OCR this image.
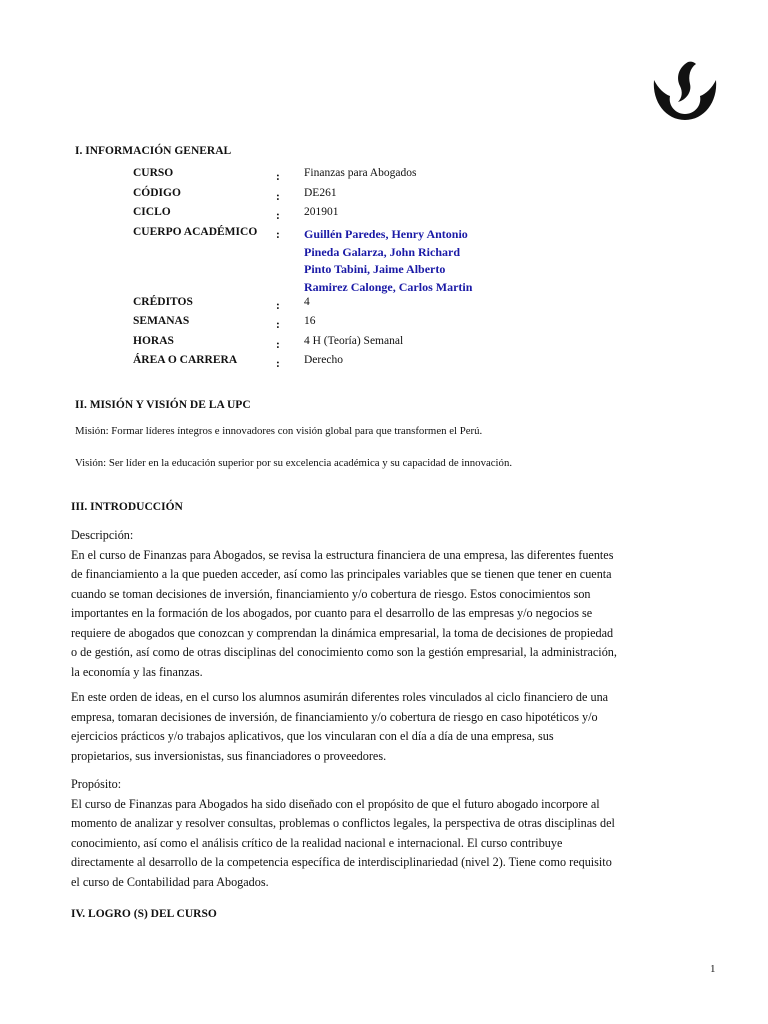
I. INFORMACIÓN GENERAL
CURSO	: Finanzas para Abogados
CÓDIGO	: DE261
CICLO	: 201901
CUERPO ACADÉMICO : Guillén Paredes, Henry Antonio
Pineda Galarza, John Richard
Pinto Tabini, Jaime Alberto
Ramirez Calonge, Carlos Martin
CRÉDITOS	: 4
SEMANAS	: 16
HORAS	: 4 H (Teoría) Semanal
ÁREA O CARRERA	: Derecho
II. MISIÓN Y VISIÓN DE LA UPC
Misión: Formar líderes íntegros e innovadores con visión global para que transformen el Perú.
Visión: Ser líder en la educación superior por su excelencia académica y su capacidad de innovación.
III. INTRODUCCIÓN
Descripción:
En el curso de Finanzas para Abogados, se revisa la estructura financiera de una empresa, las diferentes fuentes
de financiamiento a la que pueden acceder, así como las principales variables que se tienen que tener en cuenta
cuando se toman decisiones de inversión, financiamiento y/o cobertura de riesgo. Estos conocimientos son
importantes en la formación de los abogados, por cuanto para el desarrollo de las empresas y/o negocios se
requiere de abogados que conozcan y comprendan la dinámica empresarial, la toma de decisiones de propiedad
o de gestión, así como de otras disciplinas del conocimiento como son la gestión empresarial, la administración,
la economía y las finanzas.
En este orden de ideas, en el curso los alumnos asumirán diferentes roles vinculados al ciclo financiero de una
empresa, tomaran decisiones de inversión, de financiamiento y/o cobertura de riesgo en caso hipotéticos y/o
ejercicios prácticos y/o trabajos aplicativos, que los vincularan con el día a día de una empresa, sus
propietarios, sus inversionistas, sus financiadores o proveedores.
Propósito:
El curso de Finanzas para Abogados ha sido diseñado con el propósito de que el futuro abogado incorpore al
momento de analizar y resolver consultas, problemas o conflictos legales, la perspectiva de otras disciplinas del
conocimiento, así como el análisis crítico de la realidad nacional e internacional. El curso contribuye
directamente al desarrollo de la competencia específica de interdisciplinariedad (nivel 2). Tiene como requisito
el curso de Contabilidad para Abogados.
IV. LOGRO (S) DEL CURSO
1
